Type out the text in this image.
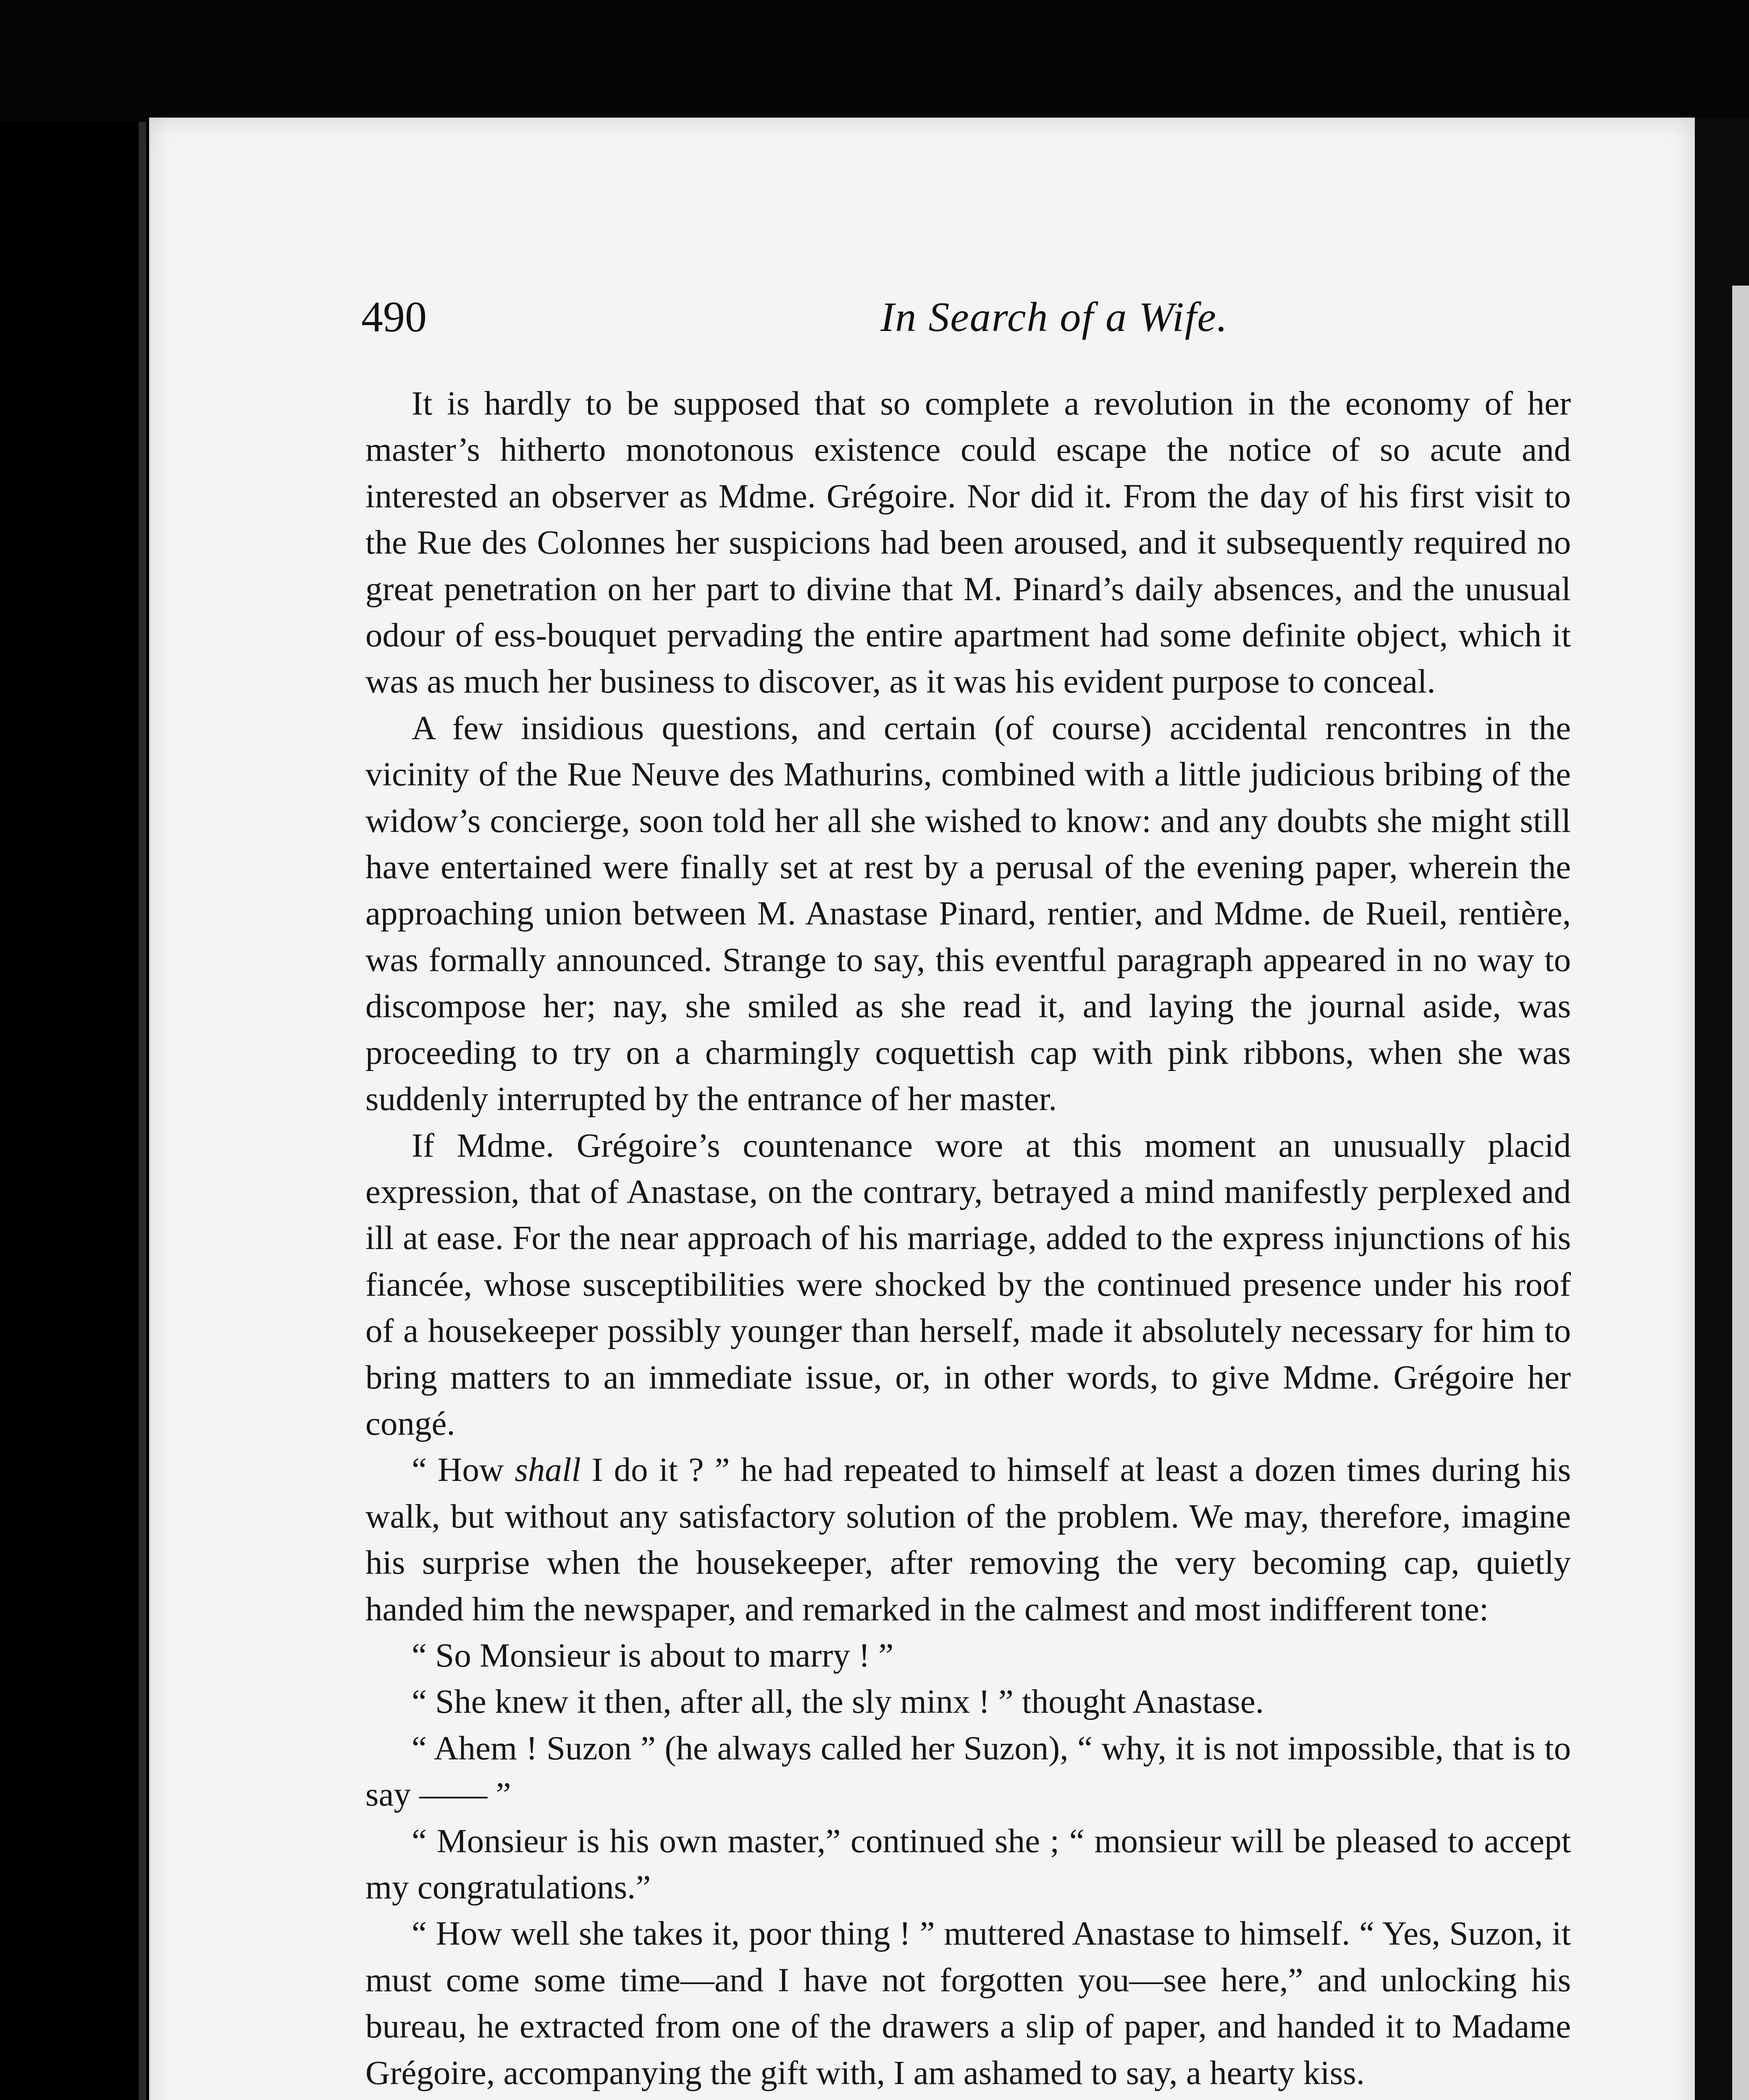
490	In Search of a Wife.

It is hardly to be supposed that so complete a revolution in the economy of her master’s hitherto monotonous existence could escape the notice of so acute and interested an observer as Mdme. Grégoire. Nor did it. From the day of his first visit to the Rue des Colonnes her suspicions had been aroused, and it subsequently required no great penetration on her part to divine that M. Pinard’s daily absences, and the unusual odour of ess-bouquet pervading the entire apartment had some definite object, which it was as much her business to discover, as it was his evident purpose to conceal.

A few insidious questions, and certain (of course) accidental rencontres in the vicinity of the Rue Neuve des Mathurins, combined with a little judicious bribing of the widow’s concierge, soon told her all she wished to know: and any doubts she might still have entertained were finally set at rest by a perusal of the evening paper, wherein the approaching union between M. Anastase Pinard, rentier, and Mdme. de Rueil, rentière, was formally announced. Strange to say, this eventful paragraph appeared in no way to discompose her; nay, she smiled as she read it, and laying the journal aside, was proceeding to try on a charmingly coquettish cap with pink ribbons, when she was suddenly interrupted by the entrance of her master.

If Mdme. Grégoire’s countenance wore at this moment an unusually placid expression, that of Anastase, on the contrary, betrayed a mind manifestly perplexed and ill at ease. For the near approach of his marriage, added to the express injunctions of his fiancée, whose susceptibilities were shocked by the continued presence under his roof of a housekeeper possibly younger than herself, made it absolutely necessary for him to bring matters to an immediate issue, or, in other words, to give Mdme. Grégoire her congé.

“ How shall I do it ? ” he had repeated to himself at least a dozen times during his walk, but without any satisfactory solution of the problem. We may, therefore, imagine his surprise when the housekeeper, after removing the very becoming cap, quietly handed him the newspaper, and remarked in the calmest and most indifferent tone:

“ So Monsieur is about to marry ! ”

“ She knew it then, after all, the sly minx ! ” thought Anastase.

“ Ahem ! Suzon ” (he always called her Suzon), “ why, it is not impossible, that is to say —— ”

“ Monsieur is his own master,” continued she ; “ monsieur will be pleased to accept my congratulations.”

“ How well she takes it, poor thing ! ” muttered Anastase to himself. “ Yes, Suzon, it must come some time—and I have not forgotten you—see here,” and unlocking his bureau, he extracted from one of the drawers a slip of paper, and handed it to Madame Grégoire, accompanying the gift with, I am ashamed to say, a hearty kiss.
